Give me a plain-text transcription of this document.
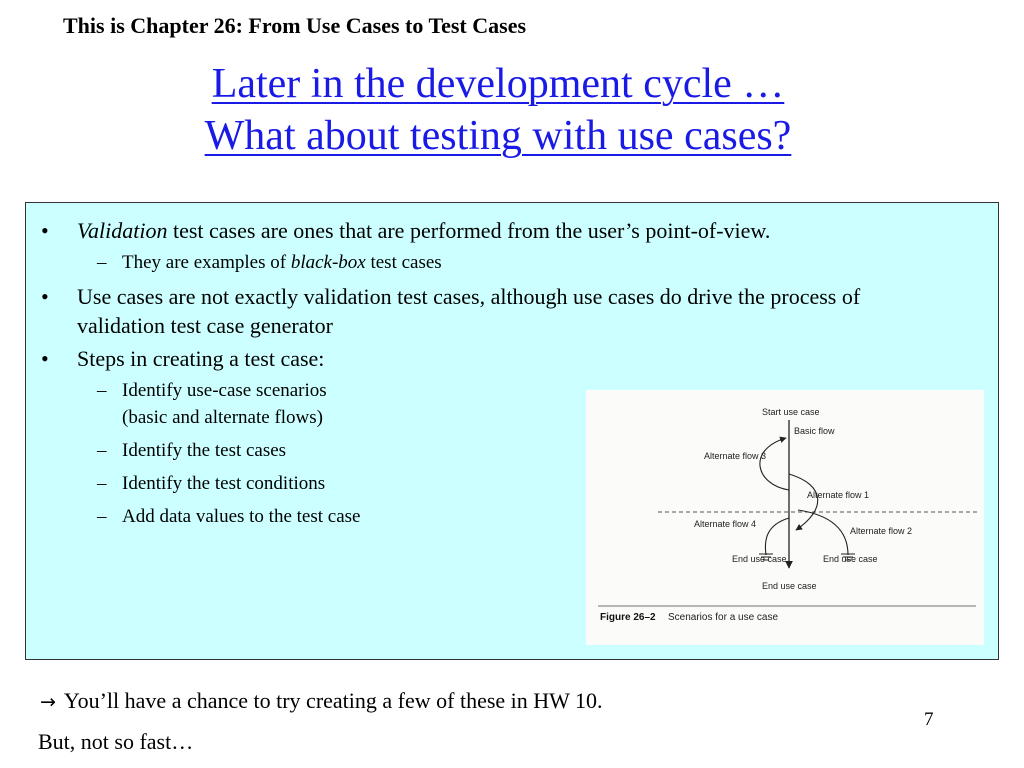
This is Chapter 26: From Use Cases to Test Cases
Later in the development cycle …
What about testing with use cases?
• Validation test cases are ones that are performed from the user’s point-of-view.
– They are examples of black-box test cases
• Use cases are not exactly validation test cases, although use cases do drive the process of validation test case generator
• Steps in creating a test case:
– Identify use-case scenarios
(basic and alternate flows)
– Identify the test cases
– Identify the test conditions
– Add data values to the test case
Start use case
Basic flow
Alternate flow 3
Alternate flow 1
Alternate flow 4
Alternate flow 2
End use case	End use case
End use case
Figure 26–2 Scenarios for a use case
→ You’ll have a chance to try creating a few of these in HW 10.
But, not so fast…
7
